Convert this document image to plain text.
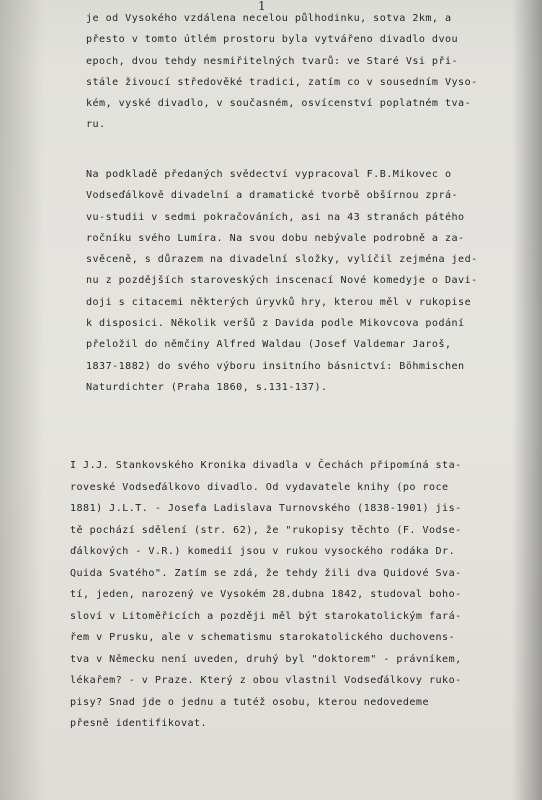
1

je od Vysokého vzdálena necelou půlhodinku, sotva 2km, a
přesto v tomto útlém prostoru byla vytvářeno divadlo dvou
epoch, dvou tehdy nesmiřitelných tvarů: ve Staré Vsi při-
stále živoucí středověké tradici, zatím co v sousedním Vyso-
kém, vyské divadlo, v současném, osvícenství poplatném tva-
ru.

Na podkladě předaných svědectví vypracoval F.B.Mikovec o
Vodseďálkově divadelní a dramatické tvorbě obšírnou zprá-
vu-studii v sedmi pokračováních, asi na 43 stranách pátého
ročníku svého Lumíra. Na svou dobu nebývale podrobně a za-
svěceně, s důrazem na divadelní složky, vylíčil zejména jed-
nu z pozdějších staroveských inscenací Nové komedyje o Davi-
doji s citacemi některých úryvků hry, kterou měl v rukopise
k disposici. Několik veršů z Davida podle Mikovcova podání
přeložil do němčiny Alfred Waldau (Josef Valdemar Jaroš,
1837-1882) do svého výboru insitního básnictví: Böhmischen
Naturdichter (Praha 1860, s.131-137).

I J.J. Stankovského Kronika divadla v Čechách připomíná sta-
roveské Vodseďálkovo divadlo. Od vydavatele knihy (po roce
1881) J.L.T. - Josefa Ladislava Turnovského (1838-1901) jis-
tě pochází sdělení (str. 62), že "rukopisy těchto (F. Vodse-
ďálkových - V.R.) komedií jsou v rukou vysockého rodáka Dr.
Quida Svatého". Zatím se zdá, že tehdy žili dva Quidové Sva-
tí, jeden, narozený ve Vysokém 28.dubna 1842, studoval boho-
sloví v Litoměřicích a později měl být starokatolickým fará-
řem v Prusku, ale v schematismu starokatolického duchovens-
tva v Německu není uveden, druhý byl "doktorem" - právníkem,
lékařem? - v Praze. Který z obou vlastnil Vodseďálkovy ruko-
pisy? Snad jde o jednu a tutéž osobu, kterou nedovedeme
přesně identifikovat.
